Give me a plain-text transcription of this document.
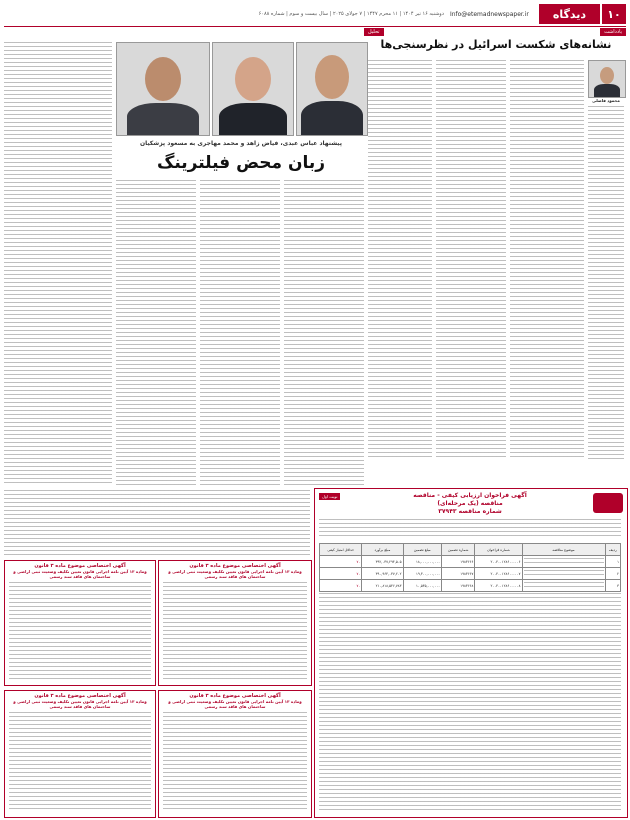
۱۰
دیدگاه
Info@etemadnewspaper.ir
دوشنبه ۱۶ تیر ۱۴۰۴ | ۱۱ محرم ۱۴۴۷ | ۷ جولای ۲۰۲۵ | سال بیست و سوم | شماره ۶۰۸۸
یادداشت
تحلیل
نشانه‌های شکست اسرائیل در نظرسنجی‌ها
محمود فاضلی
پیشنهاد عباس عبدی، فیاض زاهد و محمد مهاجری به مسعود پزشکیان
زبان محض فیلترینگ
آگهی فراخوان ارزیابی کیفی - مناقصه
مناقصه (یک مرحله‌ای)
شماره مناقصه ۳۷۹۴۳
نوبت اول
ردیف	موضوع مناقصه	شماره فراخوان	شماره تضمین	مبلغ تضمین	مبلغ برآورد	حداقل امتیاز کیفی
۱		۲۰۰۴۰۰۱۲۸۶۰۰۰۰۰۶	۱۹۸۳۶۶۶	۱۸,۰۰۰,۰۰۰,۰۰۰	۳۹۲,۰۳۷,۲۹۴,۵۰۵	۷۰
۲		۲۰۰۴۰۰۱۲۸۶۰۰۰۰۰۷	۱۹۸۳۶۶۷	۱۹,۳۰۰,۰۰۰,۰۰۰	۳۹۰,۹۶۴,۰۳۷,۲۰۲	۷۰
۳		۲۰۰۴۰۰۱۲۸۶۰۰۰۰۰۸	۱۹۸۳۶۶۸	۱۰,۵۳۵,۰۰۰,۰۰۰	۲۱۰,۸۱۸,۵۴۶,۷۸۳	۷۰
آگهی اختصاصی موضوع ماده ۳ قانون
وماده ۱۳ آیین نامه اجرایی قانون تعیین تکلیف وضعیت ثبتی اراضی و ساختمان های فاقد سند رسمی
آگهی اختصاصی موضوع ماده ۳ قانون
وماده ۱۳ آیین نامه اجرایی قانون تعیین تکلیف وضعیت ثبتی اراضی و ساختمان های فاقد سند رسمی
آگهی اختصاصی موضوع ماده ۳ قانون
وماده ۱۳ آیین نامه اجرایی قانون تعیین تکلیف وضعیت ثبتی اراضی و ساختمان های فاقد سند رسمی
آگهی اختصاصی موضوع ماده ۳ قانون
وماده ۱۳ آیین نامه اجرایی قانون تعیین تکلیف وضعیت ثبتی اراضی و ساختمان های فاقد سند رسمی
